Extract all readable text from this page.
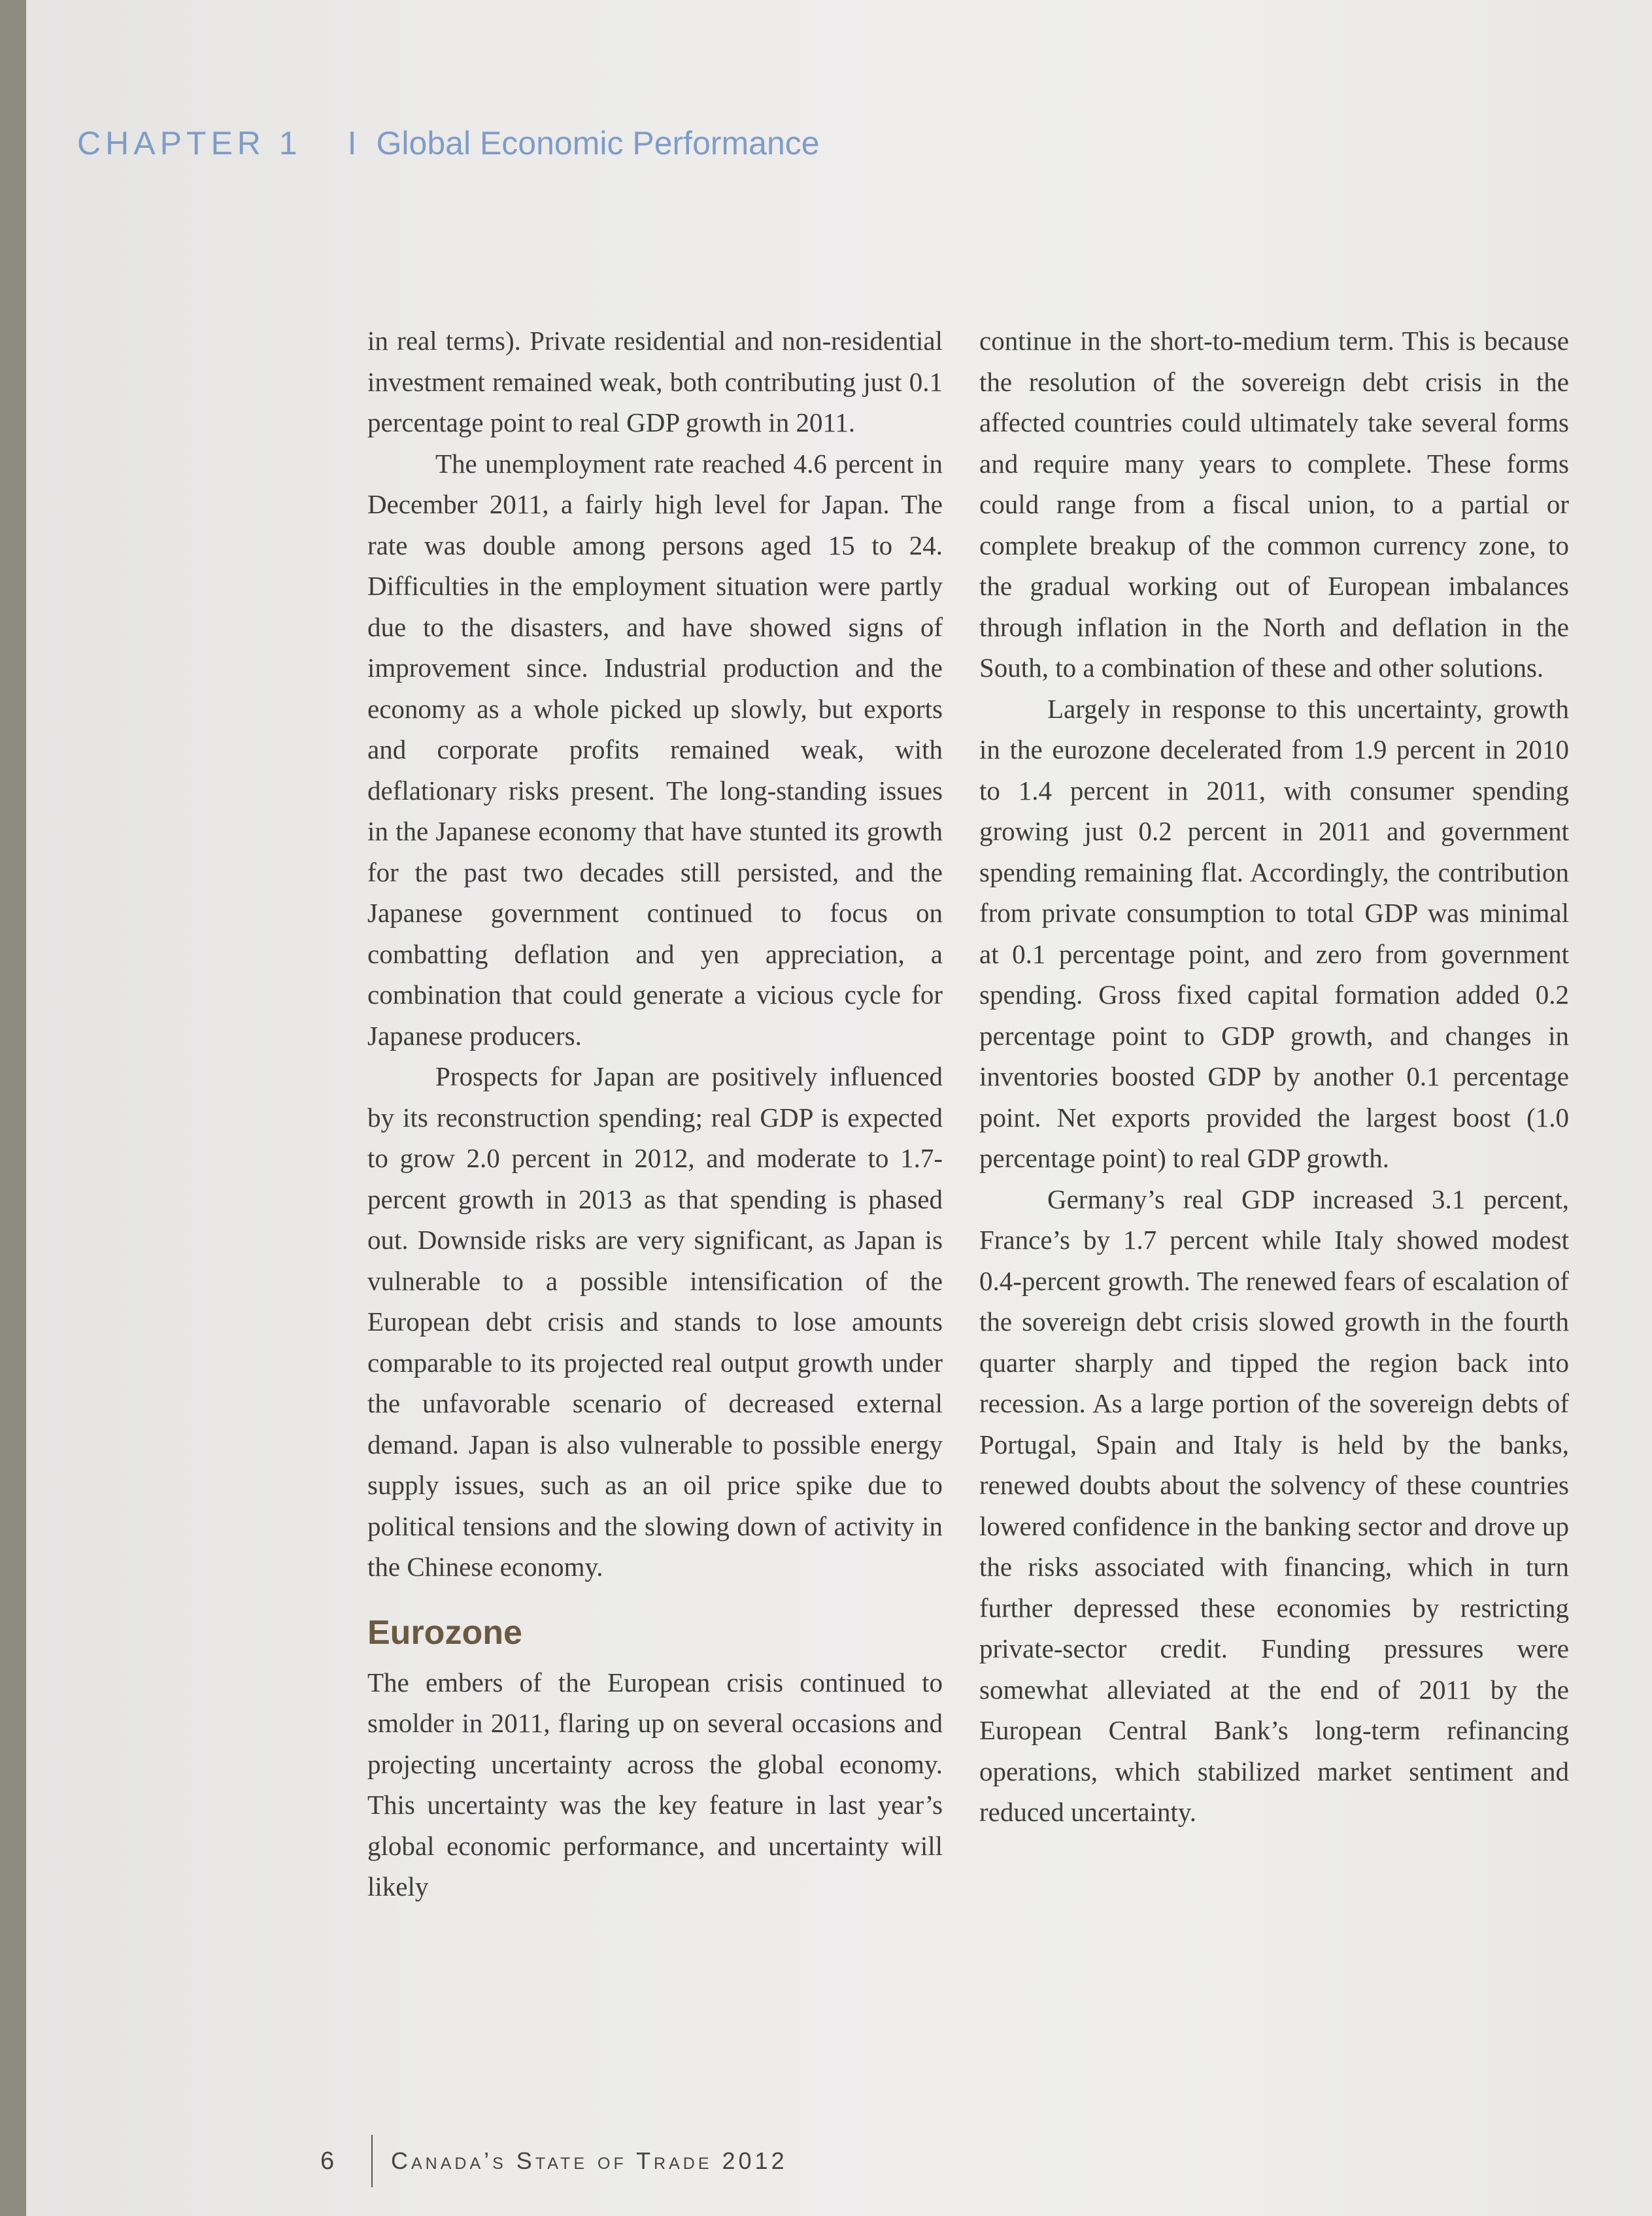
CHAPTER 1 I Global Economic Performance

in real terms). Private residential and non-residential investment remained weak, both contributing just 0.1 percentage point to real GDP growth in 2011.

The unemployment rate reached 4.6 percent in December 2011, a fairly high level for Japan. The rate was double among persons aged 15 to 24. Difficulties in the employment situation were partly due to the disasters, and have showed signs of improvement since. Industrial production and the economy as a whole picked up slowly, but exports and corporate profits remained weak, with deflationary risks present. The long-standing issues in the Japanese economy that have stunted its growth for the past two decades still persisted, and the Japanese government continued to focus on combatting deflation and yen appreciation, a combination that could generate a vicious cycle for Japanese producers.

Prospects for Japan are positively influenced by its reconstruction spending; real GDP is expected to grow 2.0 percent in 2012, and moderate to 1.7-percent growth in 2013 as that spending is phased out. Downside risks are very significant, as Japan is vulnerable to a possible intensification of the European debt crisis and stands to lose amounts comparable to its projected real output growth under the unfavorable scenario of decreased external demand. Japan is also vulnerable to possible energy supply issues, such as an oil price spike due to political tensions and the slowing down of activity in the Chinese economy.

Eurozone

The embers of the European crisis continued to smolder in 2011, flaring up on several occasions and projecting uncertainty across the global economy. This uncertainty was the key feature in last year’s global economic performance, and uncertainty will likely

continue in the short-to-medium term. This is because the resolution of the sovereign debt crisis in the affected countries could ultimately take several forms and require many years to complete. These forms could range from a fiscal union, to a partial or complete breakup of the common currency zone, to the gradual working out of European imbalances through inflation in the North and deflation in the South, to a combination of these and other solutions.

Largely in response to this uncertainty, growth in the eurozone decelerated from 1.9 percent in 2010 to 1.4 percent in 2011, with consumer spending growing just 0.2 percent in 2011 and government spending remaining flat. Accordingly, the contribution from private consumption to total GDP was minimal at 0.1 percentage point, and zero from government spending. Gross fixed capital formation added 0.2 percentage point to GDP growth, and changes in inventories boosted GDP by another 0.1 percentage point. Net exports provided the largest boost (1.0 percentage point) to real GDP growth.

Germany’s real GDP increased 3.1 percent, France’s by 1.7 percent while Italy showed modest 0.4-percent growth. The renewed fears of escalation of the sovereign debt crisis slowed growth in the fourth quarter sharply and tipped the region back into recession. As a large portion of the sovereign debts of Portugal, Spain and Italy is held by the banks, renewed doubts about the solvency of these countries lowered confidence in the banking sector and drove up the risks associated with financing, which in turn further depressed these economies by restricting private-sector credit. Funding pressures were somewhat alleviated at the end of 2011 by the European Central Bank’s long-term refinancing operations, which stabilized market sentiment and reduced uncertainty.

6	Canada’s State of Trade 2012
